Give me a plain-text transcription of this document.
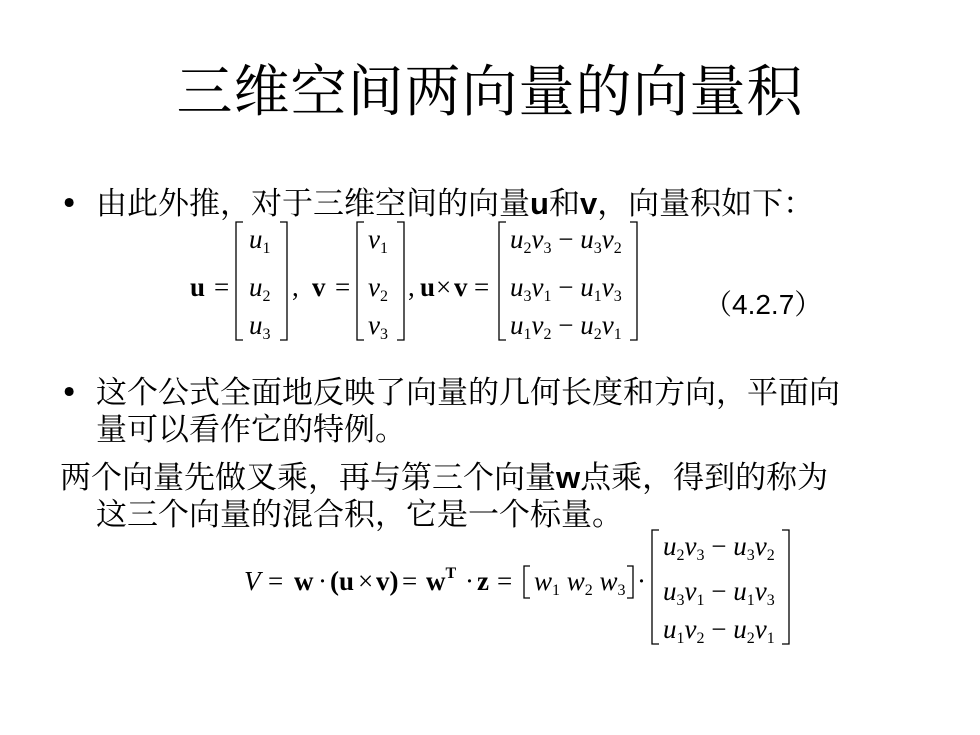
三维空间两向量的向量积
• 由此外推，对于三维空间的向量u和v，向量积如下：
（4.2.7）
• 这个公式全面地反映了向量的几何长度和方向，平面向
量可以看作它的特例。
两个向量先做叉乘，再与第三个向量w点乘，得到的称为
这三个向量的混合积，它是一个标量。
u =
u1
u2
u3
, v =
v1
v2
v3
, u × v =
u2v3 − u3v2
u3v1 − u1v3
u1v2 − u2v1
$V = w \cdot (u \times v) = w^T \cdot z = w1$ w2 w3 ·
u2v3 − u3v2
u3v1 − u1v3
u1v2 − u2v1
